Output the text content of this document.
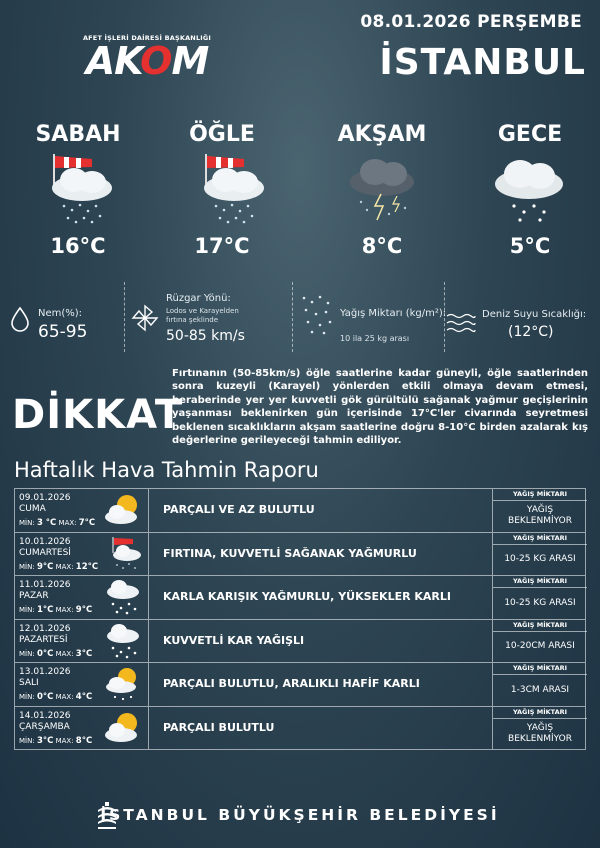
AFET İŞLERİ DAİRESİ BAŞKANLIĞI
AKOM
08.01.2026 PERŞEMBE
İSTANBUL
SABAH	ÖĞLE	AKŞAM	GECE
16°C	17°C	8°C	5°C
Nem(%):
65-95
Rüzgar Yönü:
Lodos ve Karayelden
fırtına şeklinde
50-85 km/s
Yağış Miktarı (kg/m²):
10 ila 25 kg arası
Deniz Suyu Sıcaklığı:
(12°C)
DİKKAT
Fırtınanın (50-85km/s) öğle saatlerine kadar güneyli, öğle saatlerinden sonra kuzeyli (Karayel) yönlerden etkili olmaya devam etmesi, beraberinde yer yer kuvvetli gök gürültülü sağanak yağmur geçişlerinin yaşanması beklenirken gün içerisinde 17°C'ler civarında seyretmesi beklenen sıcaklıkların akşam saatlerine doğru 8-10°C birden azalarak kış değerlerine gerileyeceği tahmin ediliyor.
Haftalık Hava Tahmin Raporu
09.01.2026
CUMA
MİN: 3 °C MAX: 7°C
PARÇALI VE AZ BULUTLU
YAĞIŞ MİKTARI
YAĞIŞ
BEKLENMİYOR
10.01.2026
CUMARTESİ
MİN: 9°C MAX: 12°C
FIRTINA, KUVVETLİ SAĞANAK YAĞMURLU
YAĞIŞ MİKTARI
10-25 KG ARASI
11.01.2026
PAZAR
MİN: 1°C MAX: 9°C
KARLA KARIŞIK YAĞMURLU, YÜKSEKLER KARLI
YAĞIŞ MİKTARI
10-25 KG ARASI
12.01.2026
PAZARTESİ
MİN: 0°C MAX: 3°C
KUVVETLİ KAR YAĞIŞLI
YAĞIŞ MİKTARI
10-20CM ARASI
13.01.2026
SALI
MİN: 0°C MAX: 4°C
PARÇALI BULUTLU, ARALIKLI HAFİF KARLI
YAĞIŞ MİKTARI
1-3CM ARASI
14.01.2026
ÇARŞAMBA
MİN: 3°C MAX: 8°C
PARÇALI BULUTLU
YAĞIŞ MİKTARI
YAĞIŞ
BEKLENMİYOR
İSTANBUL BÜYÜKŞEHİR BELEDİYESİ
